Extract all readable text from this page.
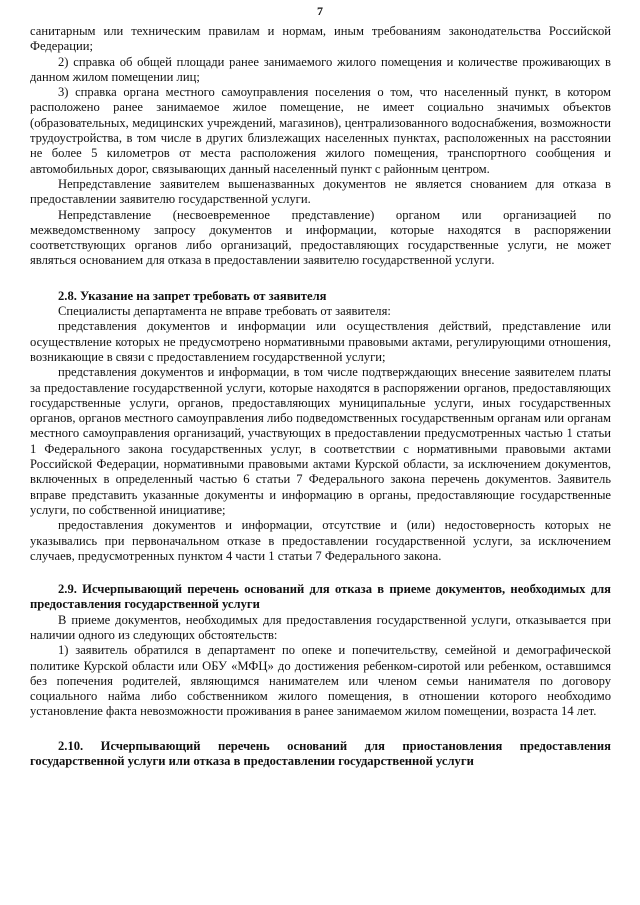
7

санитарным или техническим правилам и нормам, иным требованиям законодательства Российской Федерации;

2) справка об общей площади ранее занимаемого жилого помещения и количестве проживающих в данном жилом помещении лиц;

3) справка органа местного самоуправления поселения о том, что населенный пункт, в котором расположено ранее занимаемое жилое помещение, не имеет социально значимых объектов (образовательных, медицинских учреждений, магазинов), централизованного водоснабжения, возможности трудоустройства, в том числе в других близлежащих населенных пунктах, расположенных на расстоянии не более 5 километров от места расположения жилого помещения, транспортного сообщения и автомобильных дорог, связывающих данный населенный пункт с районным центром.

Непредставление заявителем вышеназванных документов не является снованием для отказа в предоставлении заявителю государственной услуги.

Непредставление (несвоевременное представление) органом или организацией по межведомственному запросу документов и информации, которые находятся в распоряжении соответствующих органов либо организаций, предоставляющих государственные услуги, не может являться основанием для отказа в предоставлении заявителю государственной услуги.

2.8. Указание на запрет требовать от заявителя

Специалисты департамента не вправе требовать от заявителя:

представления документов и информации или осуществления действий, представление или осуществление которых не предусмотрено нормативными правовыми актами, регулирующими отношения, возникающие в связи с предоставлением государственной услуги;

представления документов и информации, в том числе подтверждающих внесение заявителем платы за предоставление государственной услуги, которые находятся в распоряжении органов, предоставляющих государственные услуги, органов, предоставляющих муниципальные услуги, иных государственных органов, органов местного самоуправления либо подведомственных государственным органам или органам местного самоуправления организаций, участвующих в предоставлении предусмотренных частью 1 статьи 1 Федерального закона государственных услуг, в соответствии с нормативными правовыми актами Российской Федерации, нормативными правовыми актами Курской области, за исключением документов, включенных в определенный частью 6 статьи 7 Федерального закона перечень документов. Заявитель вправе представить указанные документы и информацию в органы, предоставляющие государственные услуги, по собственной инициативе;

предоставления документов и информации, отсутствие и (или) недостоверность которых не указывались при первоначальном отказе в предоставлении государственной услуги, за исключением случаев, предусмотренных пунктом 4 части 1 статьи 7 Федерального закона.

2.9. Исчерпывающий перечень оснований для отказа в приеме документов, необходимых для предоставления государственной услуги

В приеме документов, необходимых для предоставления государственной услуги, отказывается при наличии одного из следующих обстоятельств:

1) заявитель обратился в департамент по опеке и попечительству, семейной и демографической политике Курской области или ОБУ «МФЦ» до достижения ребенком-сиротой или ребенком, оставшимся без попечения родителей, являющимся нанимателем или членом семьи нанимателя по договору социального найма либо собственником жилого помещения, в отношении которого необходимо установление факта невозможности проживания в ранее занимаемом жилом помещении, возраста 14 лет.

2.10. Исчерпывающий перечень оснований для приостановления предоставления государственной услуги или отказа в предоставлении государственной услуги
